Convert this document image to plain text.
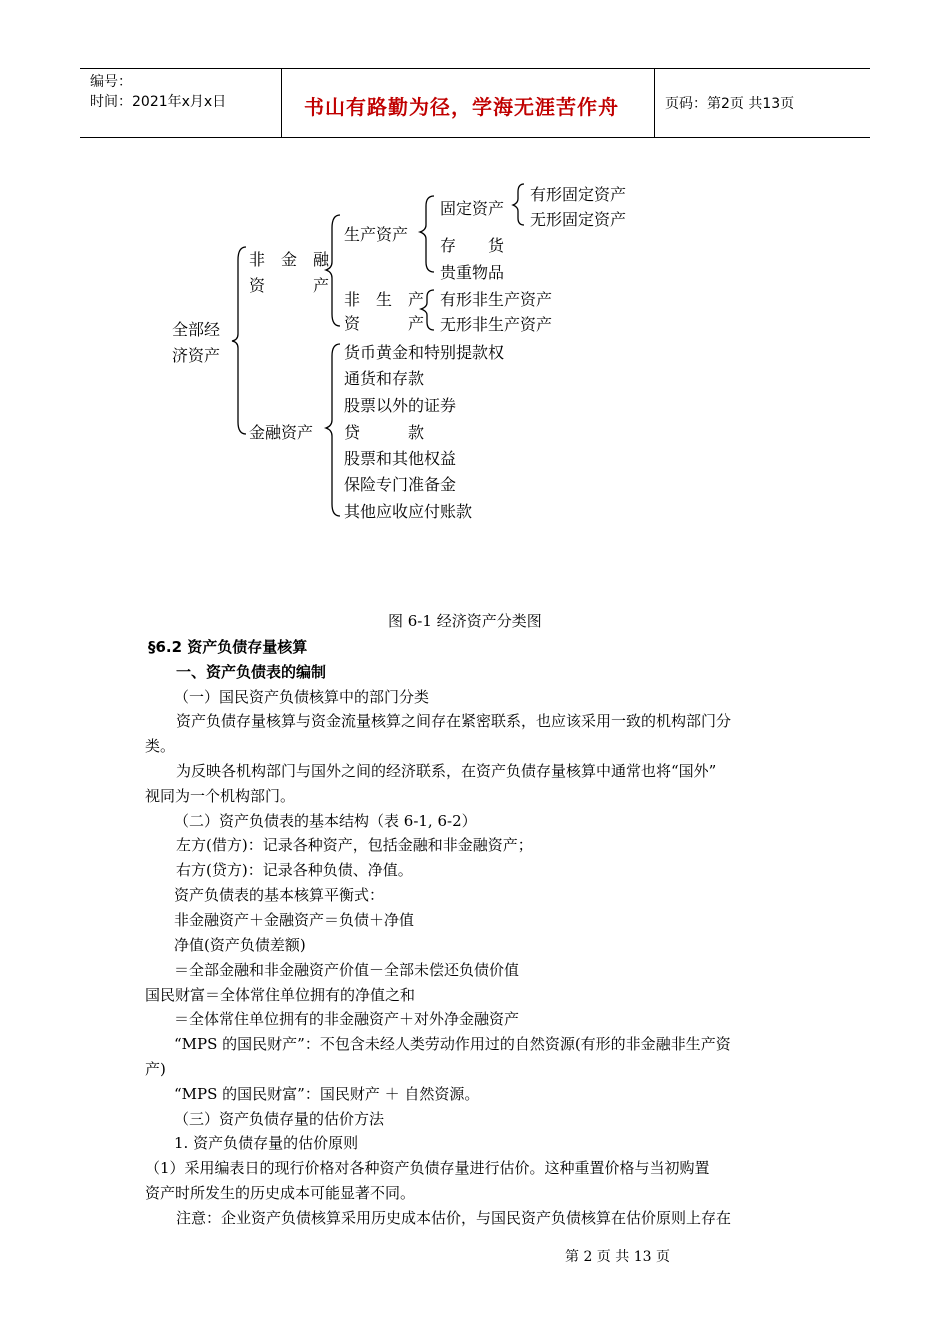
编号：
时间：2021年x月x日	书山有路勤为径，学海无涯苦作舟	页码：第2页 共13页
全部经
济资产
非　金　融
资　　　产
金融资产
生产资产
固定资产
有形固定资产
无形固定资产
存　　货
贵重物品
非　生　产
资　　　产
有形非生产资产
无形非生产资产
货币黄金和特别提款权
通货和存款
股票以外的证券
贷　　　款
股票和其他权益
保险专门准备金
其他应收应付账款
图 6-1 经济资产分类图
§6.2 资产负债存量核算
一、资产负债表的编制
（一）国民资产负债核算中的部门分类
资产负债存量核算与资金流量核算之间存在紧密联系，也应该采用一致的机构部门分
类。
为反映各机构部门与国外之间的经济联系，在资产负债存量核算中通常也将“国外”
视同为一个机构部门。
（二）资产负债表的基本结构（表 6-1, 6-2）
左方(借方)：记录各种资产，包括金融和非金融资产；
右方(贷方)：记录各种负债、净值。
资产负债表的基本核算平衡式：
非金融资产＋金融资产＝负债＋净值
净值(资产负债差额)
＝全部金融和非金融资产价值－全部未偿还负债价值
国民财富＝全体常住单位拥有的净值之和
＝全体常住单位拥有的非金融资产＋对外净金融资产
“MPS 的国民财产”：不包含未经人类劳动作用过的自然资源(有形的非金融非生产资
产)
“MPS 的国民财富”：国民财产 ＋ 自然资源。
（三）资产负债存量的估价方法
1. 资产负债存量的估价原则
（1）采用编表日的现行价格对各种资产负债存量进行估价。这种重置价格与当初购置
资产时所发生的历史成本可能显著不同。
注意：企业资产负债核算采用历史成本估价，与国民资产负债核算在估价原则上存在
第 2 页 共 13 页
